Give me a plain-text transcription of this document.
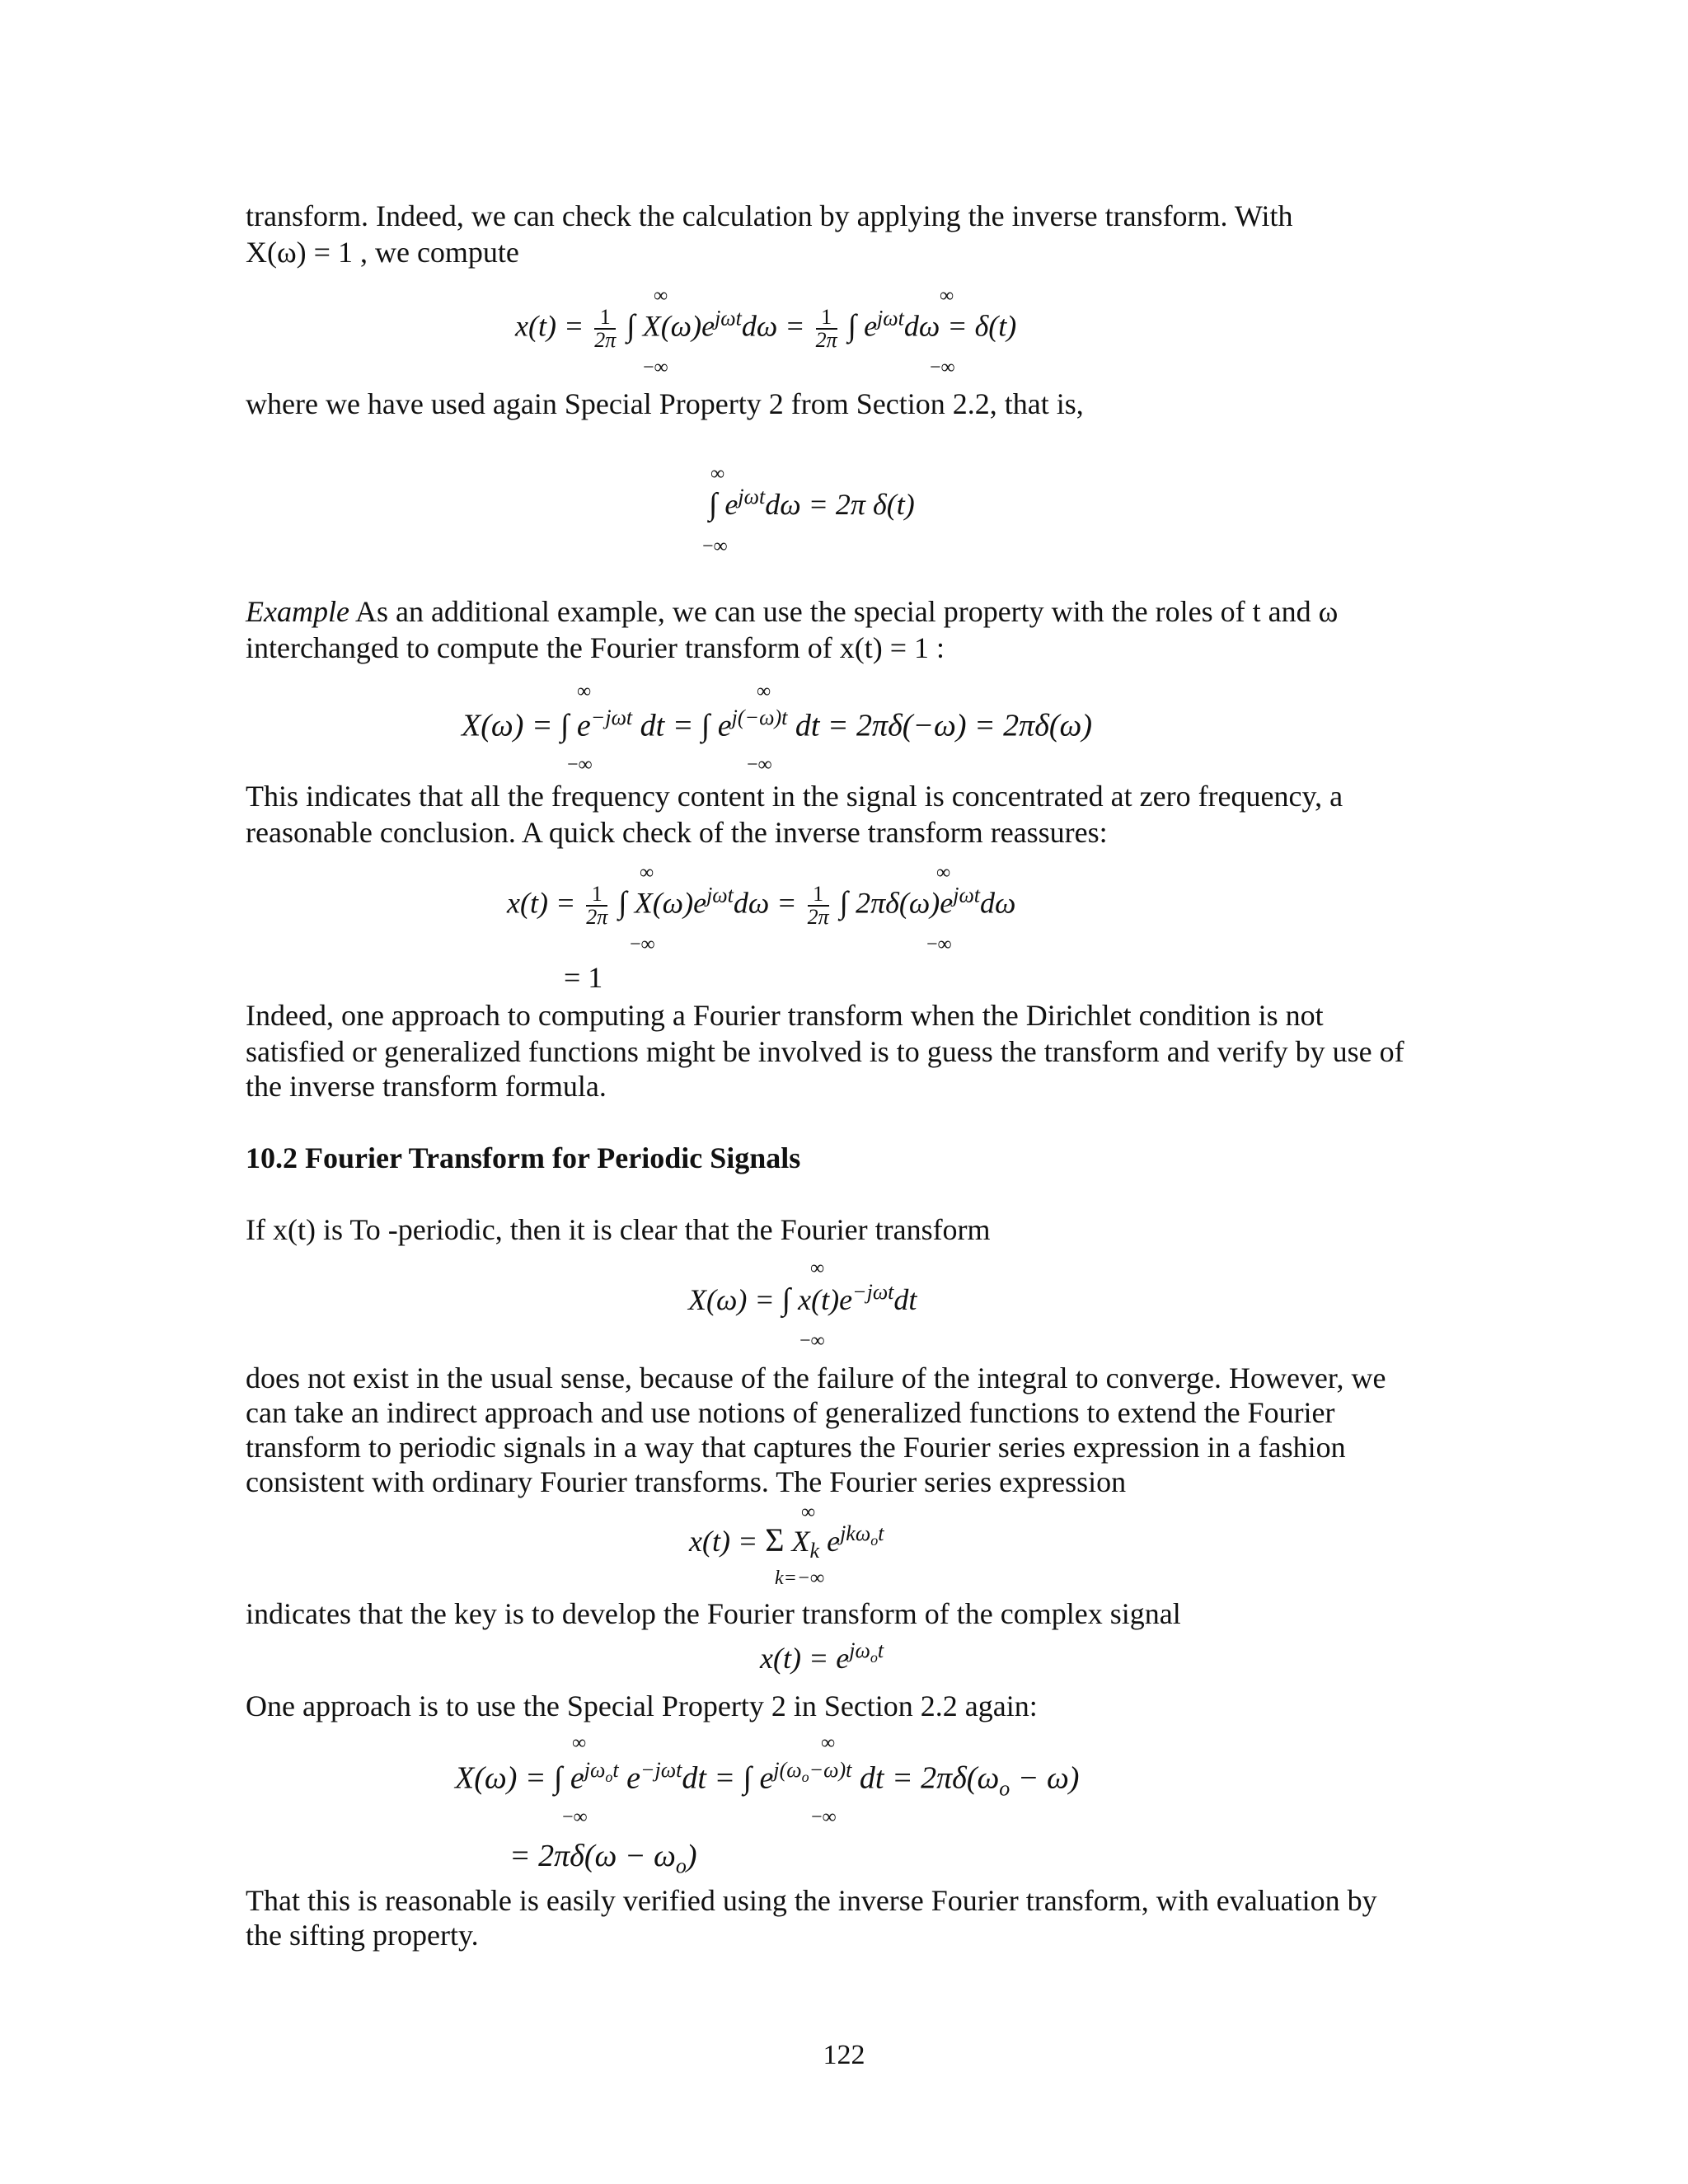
transform. Indeed, we can check the calculation by applying the inverse transform. With
X(ω) = 1 , we compute
$x(t) = \frac{1}{2\pi}$ ∫ $X(\omega)e^{j\omega t}d\omega = \frac{1}{2\pi}$ ∫ $e^{j\omega t}d\omega = \delta(t)$
∞
−∞
∞
−∞
where we have used again Special Property 2 from Section 2.2, that is,
∫ $e^{j\omega t}d\omega = 2\pi$ δ(t)
∞
−∞
Example As an additional example, we can use the special property with the roles of t and ω
interchanged to compute the Fourier transform of x(t) = 1 :
X(ω) = ∫ $e^{-j\omega t}$ dt = ∫ $e^{j(-\omega)t}$ dt = 2πδ(−ω) = 2πδ(ω)
∞
−∞
∞
−∞
This indicates that all the frequency content in the signal is concentrated at zero frequency, a
reasonable conclusion. A quick check of the inverse transform reassures:
$x(t) = \frac{1}{2\pi}$ ∫ $X(\omega)e^{j\omega t}d\omega = \frac{1}{2\pi}$ ∫ $2\pi\delta(\omega)e^{j\omega t}d\omega$
∞
−∞
∞
−∞
= 1
Indeed, one approach to computing a Fourier transform when the Dirichlet condition is not
satisfied or generalized functions might be involved is to guess the transform and verify by use of
the inverse transform formula.
10.2 Fourier Transform for Periodic Signals
If x(t) is To -periodic, then it is clear that the Fourier transform
X(ω) = ∫ $x(t)e^{-j\omega t}dt$
∞
−∞
does not exist in the usual sense, because of the failure of the integral to converge. However, we
can take an indirect approach and use notions of generalized functions to extend the Fourier
transform to periodic signals in a way that captures the Fourier series expression in a fashion
consistent with ordinary Fourier transforms. The Fourier series expression
x(t) = Σ $X_k$ $e^{jk\omega_ot}$
∞
k=−∞
indicates that the key is to develop the Fourier transform of the complex signal
$x(t) = e^{j\omega_ot}$
One approach is to use the Special Property 2 in Section 2.2 again:
X(ω) = ∫ $e^{j\omega_ot}$ $e^{-j\omega t}dt$ = ∫ $e^{j(\omega_o-\omega)t}$ dt = $2\pi\delta(\omega_o - \omega)$
∞
−∞
∞
−∞
= $2\pi\delta(\omega - \omega_o)$
That this is reasonable is easily verified using the inverse Fourier transform, with evaluation by
the sifting property.
122
